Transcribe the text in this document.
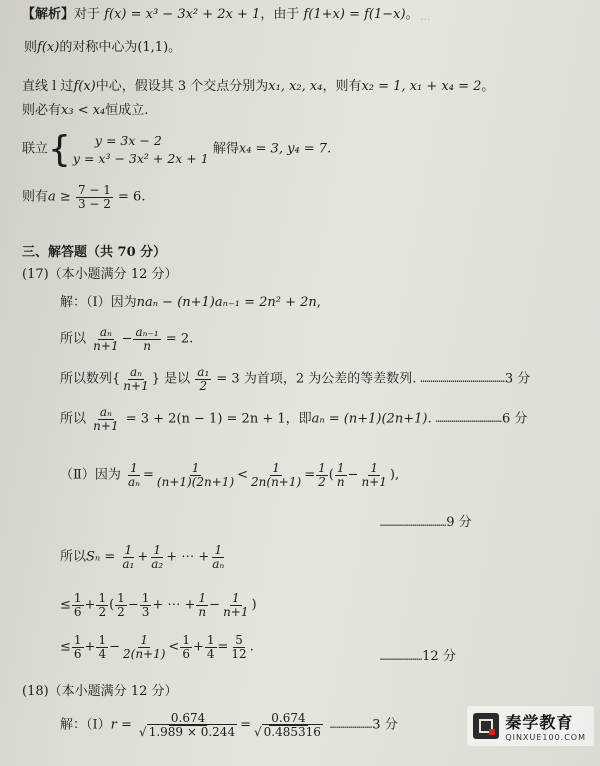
...
【解析】对于 f(x) = x³ − 3x² + 2x + 1，由于 f(1+x) = f(1−x)。
则f(x)的对称中心为(1,1)。
直线 l 过f(x)中心，假设其 3 个交点分别为x₁, x₂, x₄，则有x₂ = 1, x₁ + x₄ = 2。
则必有x₃ < x₄恒成立.
联立{	y = 3x − 2
y = x³ − 3x² + 2x + 1
解得x₄ = 3, y₄ = 7.
则有$a \ge \frac{7 - 1}{3 - 2} = 6$.
三、解答题（共 70 分）
(17)（本小题满分 12 分）
解：（Ⅰ）因为naₙ − (n+1)aₙ₋₁ = 2n² + 2n,
所以 $\frac{\text{aₙ}}{n+1} - \frac{\text{aₙ₋₁}}{n} = 2$.
所以数列{ $\frac{\text{aₙ}}{n+1}$ } 是以 $\frac{\text{a₁}}{2} = 3$ 为首项，2 为公差的等差数列. ……………………………………3 分
所以 $\frac{\text{aₙ}}{n+1} = 3 + 2(n - 1) = 2n + 1$，即aₙ = (n+1)(2n+1). ……………………………6 分
（Ⅱ）因为 $\frac{1}{\text{aₙ}} = \frac{1}{(n+1)(2n+1)} < \frac{1}{2n(n+1)} = \frac{1}{2}$ ( $\frac{1}{n} - \frac{1}{n+1}$ ),
……………………………9 分
所以$S_n = \frac{1}{\text{a₁}} + \frac{1}{\text{a₂}}$ + ⋯ + $\frac{1}{\text{aₙ}}$
≤ $\frac{1}{6} + \frac{1}{2}$ ( $\frac{1}{2} - \frac{1}{3}$ + ⋯ + $\frac{1}{n} - \frac{1}{n+1}$ )
≤ $\frac{1}{6} + \frac{1}{4} - \frac{1}{2(n+1)} < \frac{1}{6} + \frac{1}{4} = \frac{5}{12}$ .
…………………12 分
(18)（本小题满分 12 分）
解：（Ⅰ）r = $\frac{0.674}{√ 1.989 \times 0.244} = \frac{0.674}{√ 0.485316}$ …………………3 分	秦学教育
QINXUE100.COM
